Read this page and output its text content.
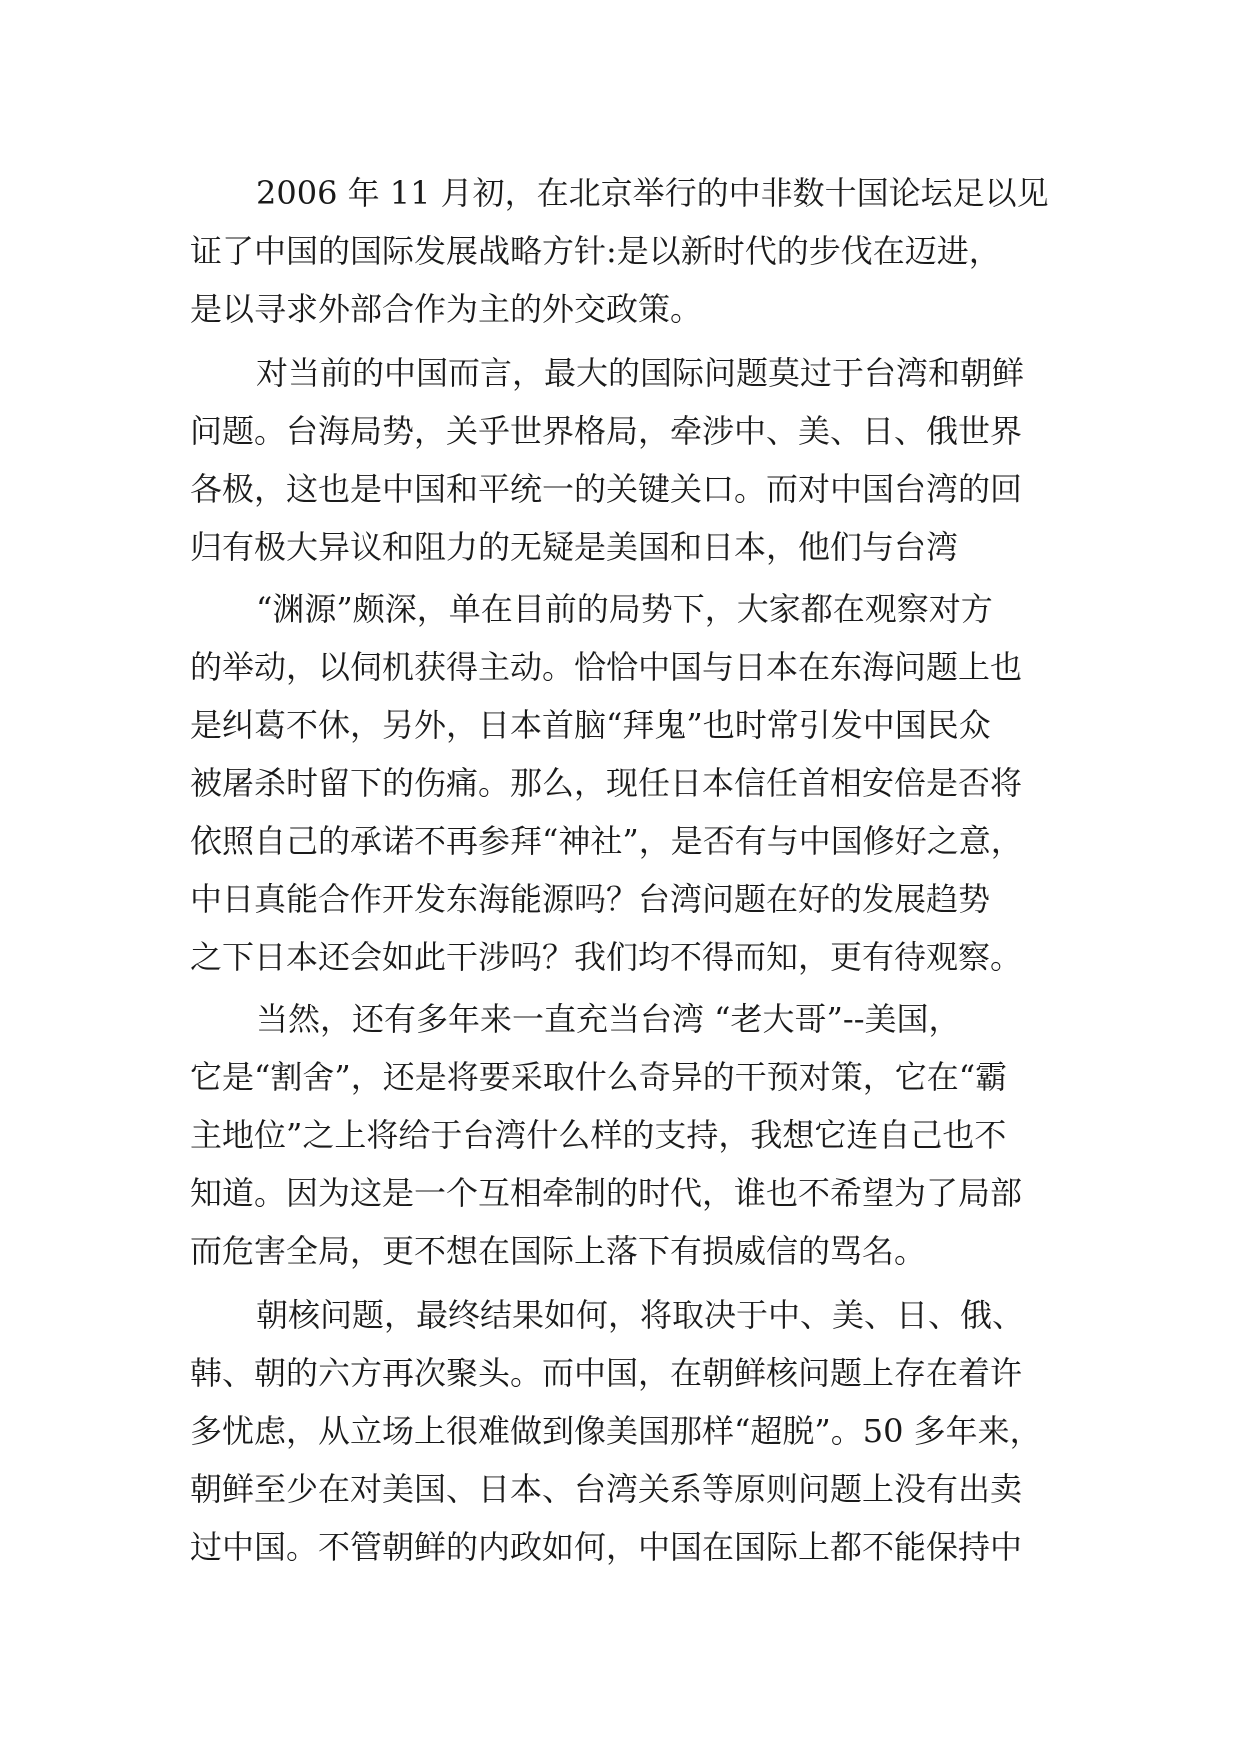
2006 年 11 月初，在北京举行的中非数十国论坛足以见
证了中国的国际发展战略方针:是以新时代的步伐在迈进，
是以寻求外部合作为主的外交政策。
对当前的中国而言，最大的国际问题莫过于台湾和朝鲜
问题。台海局势，关乎世界格局，牵涉中、美、日、俄世界
各极，这也是中国和平统一的关键关口。而对中国台湾的回
归有极大异议和阻力的无疑是美国和日本，他们与台湾
“渊源”颇深，单在目前的局势下，大家都在观察对方
的举动，以伺机获得主动。恰恰中国与日本在东海问题上也
是纠葛不休，另外，日本首脑“拜鬼”也时常引发中国民众
被屠杀时留下的伤痛。那么，现任日本信任首相安倍是否将
依照自己的承诺不再参拜“神社”，是否有与中国修好之意，
中日真能合作开发东海能源吗？台湾问题在好的发展趋势
之下日本还会如此干涉吗？我们均不得而知，更有待观察。
当然，还有多年来一直充当台湾 “老大哥”--美国，
它是“割舍”，还是将要采取什么奇异的干预对策，它在“霸
主地位”之上将给于台湾什么样的支持，我想它连自己也不
知道。因为这是一个互相牵制的时代，谁也不希望为了局部
而危害全局，更不想在国际上落下有损威信的骂名。
朝核问题，最终结果如何，将取决于中、美、日、俄、
韩、朝的六方再次聚头。而中国，在朝鲜核问题上存在着许
多忧虑，从立场上很难做到像美国那样“超脱”。50 多年来，
朝鲜至少在对美国、日本、台湾关系等原则问题上没有出卖
过中国。不管朝鲜的内政如何，中国在国际上都不能保持中
